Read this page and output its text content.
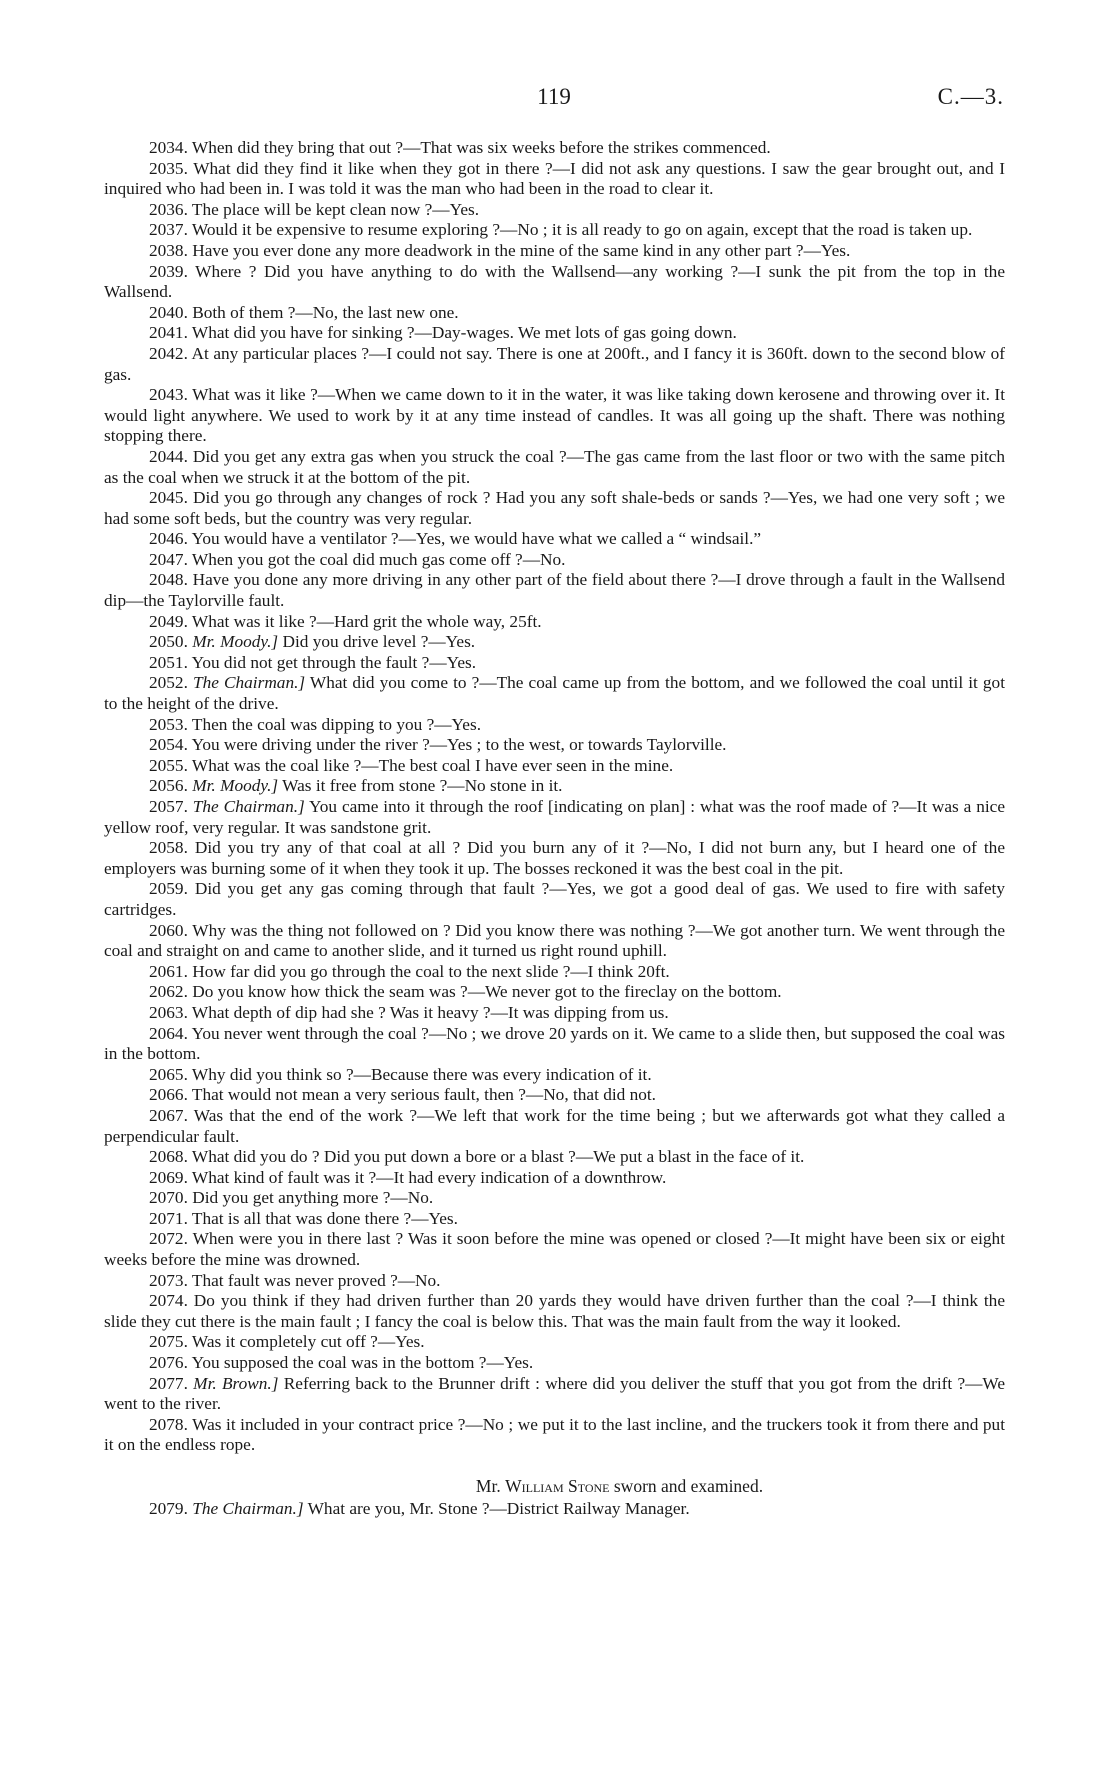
119	C.—3.

2034. When did they bring that out ?—That was six weeks before the strikes commenced.

2035. What did they find it like when they got in there ?—I did not ask any questions. I saw the gear brought out, and I inquired who had been in. I was told it was the man who had been in the road to clear it.

2036. The place will be kept clean now ?—Yes.

2037. Would it be expensive to resume exploring ?—No ; it is all ready to go on again, except that the road is taken up.

2038. Have you ever done any more deadwork in the mine of the same kind in any other part ?—Yes.

2039. Where ? Did you have anything to do with the Wallsend—any working ?—I sunk the pit from the top in the Wallsend.

2040. Both of them ?—No, the last new one.

2041. What did you have for sinking ?—Day-wages. We met lots of gas going down.

2042. At any particular places ?—I could not say. There is one at 200ft., and I fancy it is 360ft. down to the second blow of gas.

2043. What was it like ?—When we came down to it in the water, it was like taking down kerosene and throwing over it. It would light anywhere. We used to work by it at any time instead of candles. It was all going up the shaft. There was nothing stopping there.

2044. Did you get any extra gas when you struck the coal ?—The gas came from the last floor or two with the same pitch as the coal when we struck it at the bottom of the pit.

2045. Did you go through any changes of rock ? Had you any soft shale-beds or sands ?—Yes, we had one very soft ; we had some soft beds, but the country was very regular.

2046. You would have a ventilator ?—Yes, we would have what we called a “ windsail.”

2047. When you got the coal did much gas come off ?—No.

2048. Have you done any more driving in any other part of the field about there ?—I drove through a fault in the Wallsend dip—the Taylorville fault.

2049. What was it like ?—Hard grit the whole way, 25ft.

2050. Mr. Moody.] Did you drive level ?—Yes.

2051. You did not get through the fault ?—Yes.

2052. The Chairman.] What did you come to ?—The coal came up from the bottom, and we followed the coal until it got to the height of the drive.

2053. Then the coal was dipping to you ?—Yes.

2054. You were driving under the river ?—Yes ; to the west, or towards Taylorville.

2055. What was the coal like ?—The best coal I have ever seen in the mine.

2056. Mr. Moody.] Was it free from stone ?—No stone in it.

2057. The Chairman.] You came into it through the roof [indicating on plan] : what was the roof made of ?—It was a nice yellow roof, very regular. It was sandstone grit.

2058. Did you try any of that coal at all ? Did you burn any of it ?—No, I did not burn any, but I heard one of the employers was burning some of it when they took it up. The bosses reckoned it was the best coal in the pit.

2059. Did you get any gas coming through that fault ?—Yes, we got a good deal of gas. We used to fire with safety cartridges.

2060. Why was the thing not followed on ? Did you know there was nothing ?—We got another turn. We went through the coal and straight on and came to another slide, and it turned us right round uphill.

2061. How far did you go through the coal to the next slide ?—I think 20ft.

2062. Do you know how thick the seam was ?—We never got to the fireclay on the bottom.

2063. What depth of dip had she ? Was it heavy ?—It was dipping from us.

2064. You never went through the coal ?—No ; we drove 20 yards on it. We came to a slide then, but supposed the coal was in the bottom.

2065. Why did you think so ?—Because there was every indication of it.

2066. That would not mean a very serious fault, then ?—No, that did not.

2067. Was that the end of the work ?—We left that work for the time being ; but we afterwards got what they called a perpendicular fault.

2068. What did you do ? Did you put down a bore or a blast ?—We put a blast in the face of it.

2069. What kind of fault was it ?—It had every indication of a downthrow.

2070. Did you get anything more ?—No.

2071. That is all that was done there ?—Yes.

2072. When were you in there last ? Was it soon before the mine was opened or closed ?—It might have been six or eight weeks before the mine was drowned.

2073. That fault was never proved ?—No.

2074. Do you think if they had driven further than 20 yards they would have driven further than the coal ?—I think the slide they cut there is the main fault ; I fancy the coal is below this. That was the main fault from the way it looked.

2075. Was it completely cut off ?—Yes.

2076. You supposed the coal was in the bottom ?—Yes.

2077. Mr. Brown.] Referring back to the Brunner drift : where did you deliver the stuff that you got from the drift ?—We went to the river.

2078. Was it included in your contract price ?—No ; we put it to the last incline, and the truckers took it from there and put it on the endless rope.

Mr. William Stone sworn and examined.

2079. The Chairman.] What are you, Mr. Stone ?—District Railway Manager.
